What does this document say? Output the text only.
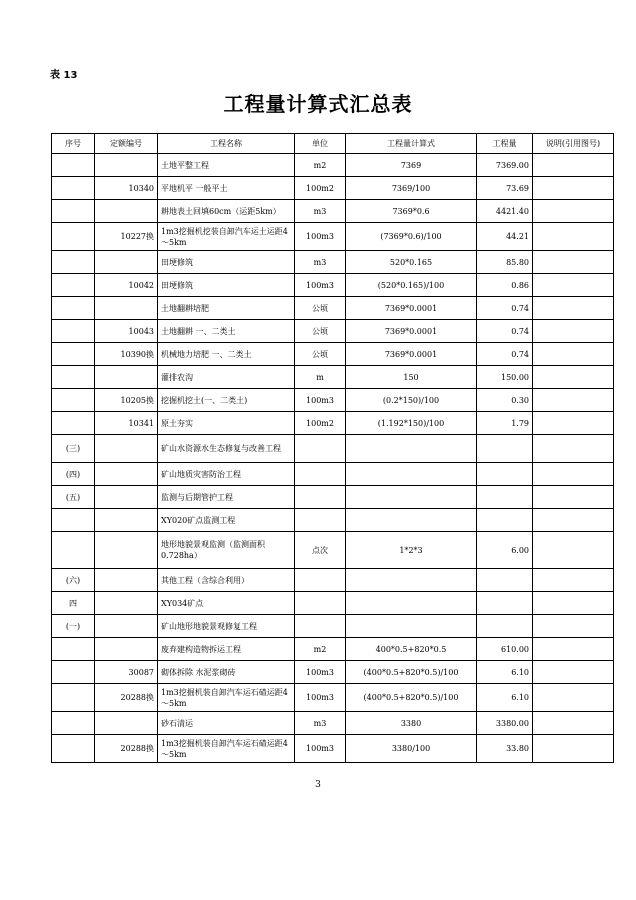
表 13
工程量计算式汇总表
序号	定额编号	工程名称	单位	工程量计算式	工程量	说明(引用图号)
		土地平整工程	m2	7369	7369.00	
	10340	平地机平 一般平土	100m2	7369/100	73.69	
		耕地表土回填60cm（运距5km）	m3	7369*0.6	4421.40	
	10227换	1m3挖掘机挖装自卸汽车运土运距4～5km	100m3	(7369*0.6)/100	44.21	
		田埂修筑	m3	520*0.165	85.80	
	10042	田埂修筑	100m3	(520*0.165)/100	0.86	
		土地翻耕培肥	公顷	7369*0.0001	0.74	
	10043	土地翻耕 一、二类土	公顷	7369*0.0001	0.74	
	10390换	机械地力培肥 一、二类土	公顷	7369*0.0001	0.74	
		灌排农沟	m	150	150.00	
	10205换	挖掘机挖土(一、二类土)	100m3	(0.2*150)/100	0.30	
	10341	原土夯实	100m2	(1.192*150)/100	1.79	
(三)		矿山水资源水生态修复与改善工程				
(四)		矿山地质灾害防治工程				
(五)		监测与后期管护工程				
		XY020矿点监测工程				
		地形地貌景观监测（监测面积0.728ha）	点次	1*2*3	6.00	
(六)		其他工程（含综合利用）				
四		XY034矿点				
(一)		矿山地形地貌景观修复工程				
		废弃建构造物拆运工程	m2	400*0.5+820*0.5	610.00	
	30087	砌体拆除 水泥浆砌砖	100m3	(400*0.5+820*0.5)/100	6.10	
	20288换	1m3挖掘机装自卸汽车运石碴运距4～5km	100m3	(400*0.5+820*0.5)/100	6.10	
		砂石清运	m3	3380	3380.00	
	20288换	1m3挖掘机装自卸汽车运石碴运距4～5km	100m3	3380/100	33.80	
3
